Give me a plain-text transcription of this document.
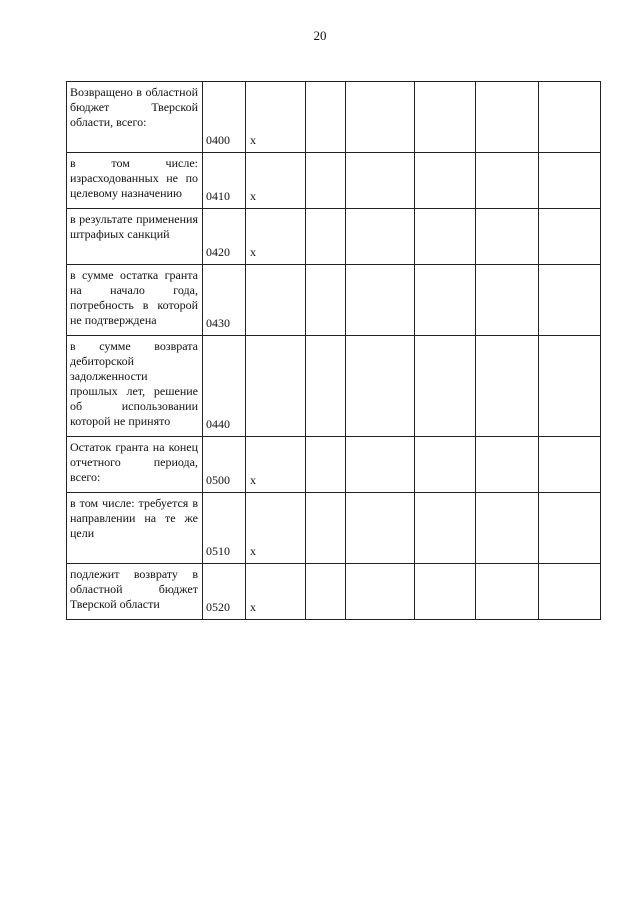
20
Возвращено в областной бюджет Тверской области, всего:	0400	x					

в том числе: израсходованных не по целевому назначению	0410	x					

в результате применения штрафиых санкций	0420	x					

в сумме остатка гранта на начало года, потребность в которой не подтверждена	0430						

в сумме возврата дебиторской задолженности прошлых лет, решение об использовании которой не принято	0440						

Остаток гранта на конец отчетного периода, всего:	0500	x					

в том числе: требуется в направлении на те же цели	0510	x					

подлежит возврату в областной бюджет Тверской области	0520	x					
